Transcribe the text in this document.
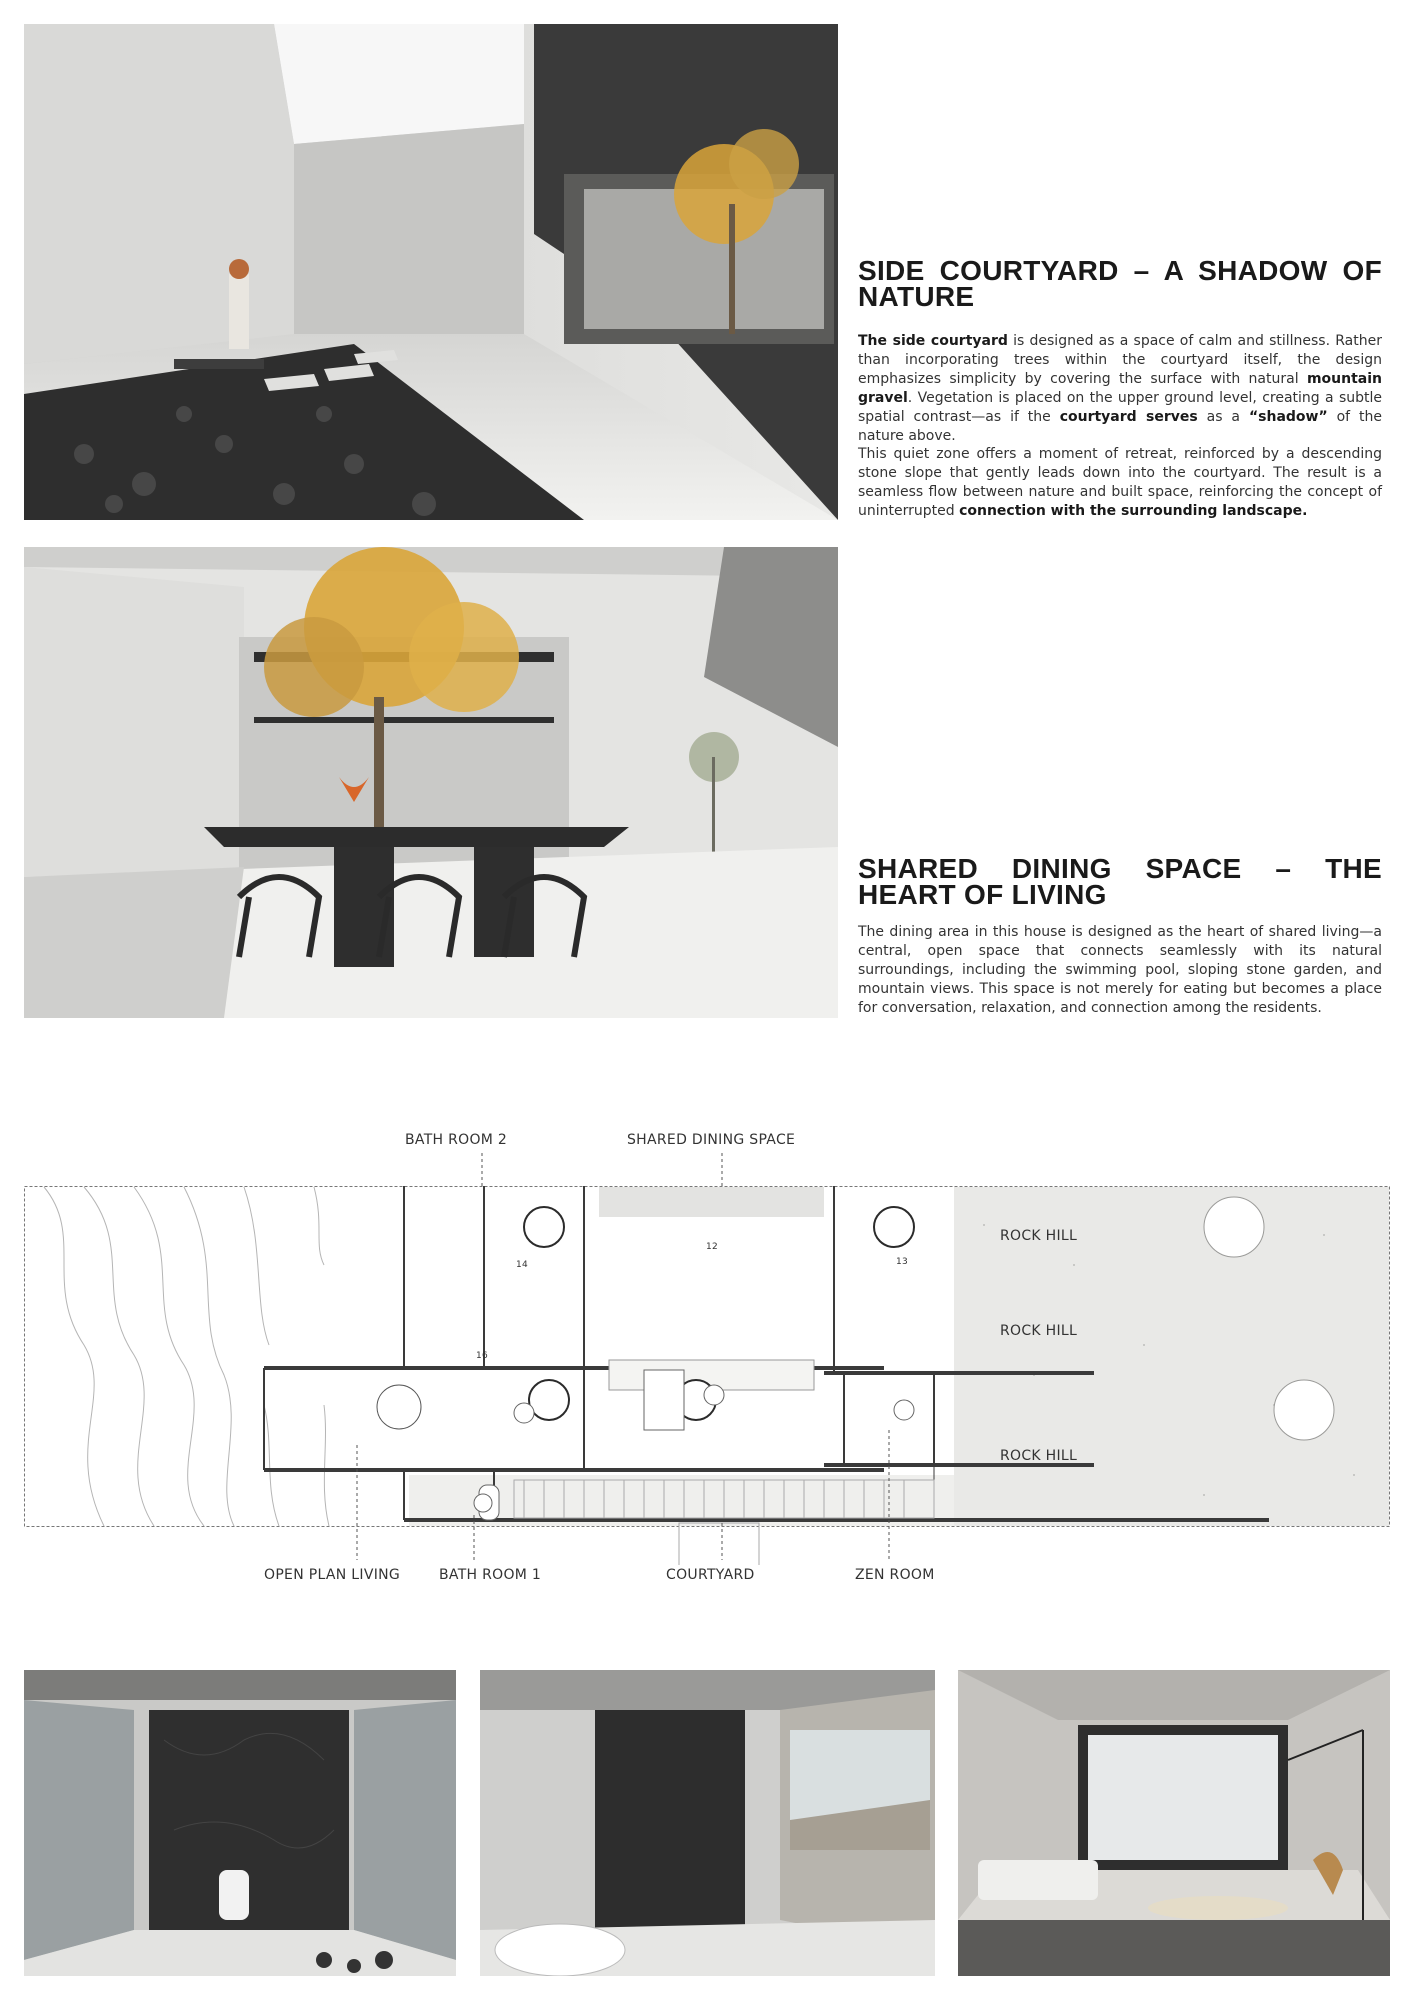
SIDE COURTYARD – A SHADOW OF NATURE
The side courtyard is designed as a space of calm and stillness. Rather than incorporating trees within the courtyard itself, the design emphasizes simplicity by covering the surface with natural mountain gravel. Vegetation is placed on the upper ground level, creating a subtle spatial contrast—as if the courtyard serves as a “shadow” of the nature above.
This quiet zone offers a moment of retreat, reinforced by a descending stone slope that gently leads down into the courtyard. The result is a seamless flow between nature and built space, reinforcing the concept of uninterrupted connection with the surrounding landscape.
SHARED DINING SPACE – THE HEART OF LIVING
The dining area in this house is designed as the heart of shared living—a central, open space that connects seamlessly with its natural surroundings, including the swimming pool, sloping stone garden, and mountain views. This space is not merely for eating but becomes a place for conversation, relaxation, and connection among the residents.
BATH ROOM 2	SHARED DINING SPACE
12
13
14
16
ROCK HILL
ROCK HILL
ROCK HILL
OPEN PLAN LIVING	BATH ROOM 1	COURTYARD	ZEN ROOM
